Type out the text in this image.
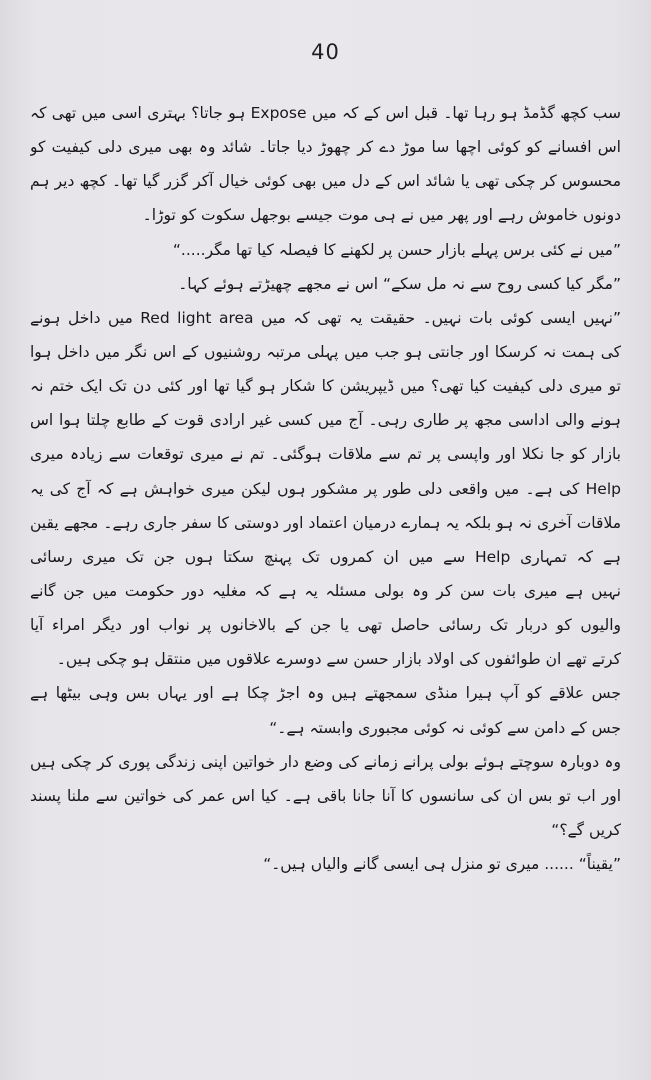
40
سب کچھ گڈمڈ ہو رہا تھا۔ قبل اس کے کہ میں Expose ہو جاتا؟ بہتری اسی میں تھی کہ
اس افسانے کو کوئی اچھا سا موڑ دے کر چھوڑ دیا جاتا۔ شائد وہ بھی میری دلی کیفیت کو
محسوس کر چکی تھی یا شائد اس کے دل میں بھی کوئی خیال آکر گزر گیا تھا۔ کچھ دیر ہم
دونوں خاموش رہے اور پھر میں نے ہی موت جیسے بوجھل سکوت کو توڑا۔
”میں نے کئی برس پہلے بازار حسن پر لکھنے کا فیصلہ کیا تھا مگر.....“
”مگر کیا کسی روح سے نہ مل سکے“ اس نے مجھے چھیڑتے ہوئے کہا۔
”نہیں ایسی کوئی بات نہیں۔ حقیقت یہ تھی کہ میں Red light area میں داخل ہونے
کی ہمت نہ کرسکا اور جانتی ہو جب میں پہلی مرتبہ روشنیوں کے اس نگر میں داخل ہوا
تو میری دلی کیفیت کیا تھی؟ میں ڈیپریشن کا شکار ہو گیا تھا اور کئی دن تک ایک ختم نہ
ہونے والی اداسی مجھ پر طاری رہی۔ آج میں کسی غیر ارادی قوت کے طابع چلتا ہوا اس
بازار کو جا نکلا اور واپسی پر تم سے ملاقات ہوگئی۔ تم نے میری توقعات سے زیادہ میری
Help کی ہے۔ میں واقعی دلی طور پر مشکور ہوں لیکن میری خواہش ہے کہ آج کی یہ
ملاقات آخری نہ ہو بلکہ یہ ہمارے درمیان اعتماد اور دوستی کا سفر جاری رہے۔ مجھے یقین
ہے کہ تمہاری Help سے میں ان کمروں تک پہنچ سکتا ہوں جن تک میری رسائی
نہیں ہے میری بات سن کر وہ بولی مسئلہ یہ ہے کہ مغلیہ دور حکومت میں جن گانے
والیوں کو دربار تک رسائی حاصل تھی یا جن کے بالاخانوں پر نواب اور دیگر امراء آیا
کرتے تھے ان طوائفوں کی اولاد بازار حسن سے دوسرے علاقوں میں منتقل ہو چکی ہیں۔
جس علاقے کو آپ ہیرا منڈی سمجھتے ہیں وہ اجڑ چکا ہے اور یہاں بس وہی بیٹھا ہے
جس کے دامن سے کوئی نہ کوئی مجبوری وابستہ ہے۔“
وہ دوبارہ سوچتے ہوئے بولی پرانے زمانے کی وضع دار خواتین اپنی زندگی پوری کر چکی ہیں
اور اب تو بس ان کی سانسوں کا آنا جانا باقی ہے۔ کیا اس عمر کی خواتین سے ملنا پسند
کریں گے؟“
”یقیناً“ ...... میری تو منزل ہی ایسی گانے والیاں ہیں۔“
